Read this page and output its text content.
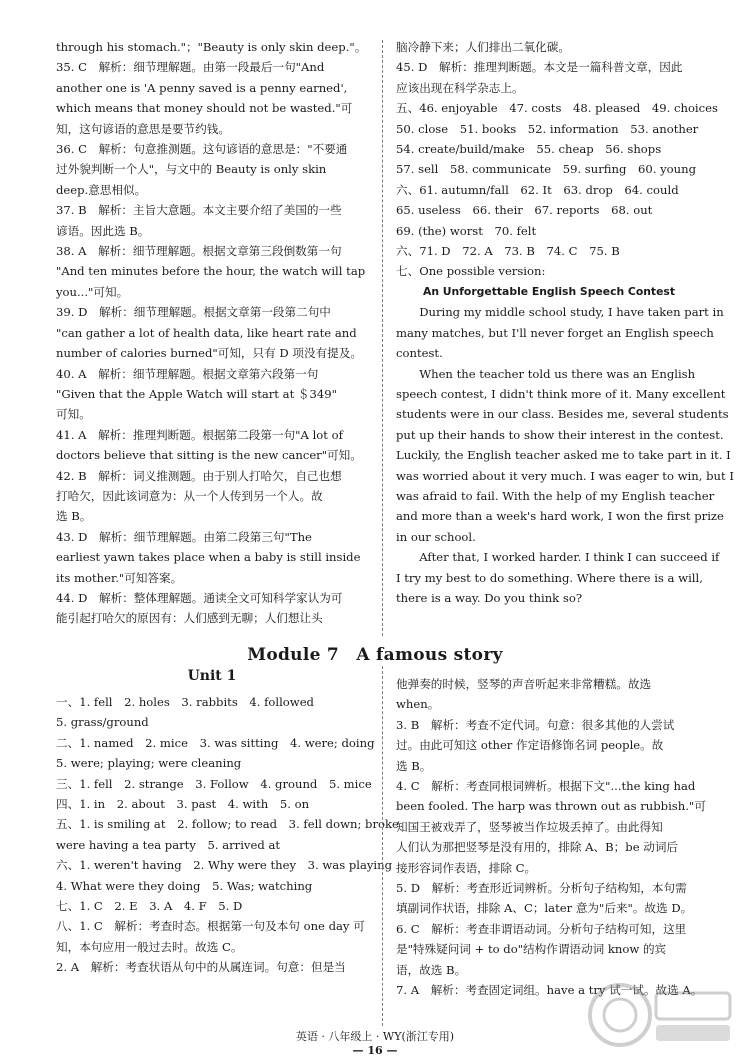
through his stomach."；"Beauty is only skin deep."。
35. C　解析：细节理解题。由第一段最后一句"And
another one is 'A penny saved is a penny earned',
which means that money should not be wasted."可
知，这句谚语的意思是要节约钱。
36. C　解析：句意推测题。这句谚语的意思是："不要通
过外貌判断一个人"，与文中的 Beauty is only skin
deep.意思相似。
37. B　解析：主旨大意题。本文主要介绍了美国的一些
谚语。因此选 B。
38. A　解析：细节理解题。根据文章第三段倒数第一句
"And ten minutes before the hour, the watch will tap
you..."可知。
39. D　解析：细节理解题。根据文章第一段第二句中
"can gather a lot of health data, like heart rate and
number of calories burned"可知，只有 D 项没有提及。
40. A　解析：细节理解题。根据文章第六段第一句
"Given that the Apple Watch will start at ＄349"
可知。
41. A　解析：推理判断题。根据第二段第一句"A lot of
doctors believe that sitting is the new cancer"可知。
42. B　解析：词义推测题。由于别人打哈欠，自己也想
打哈欠，因此该词意为：从一个人传到另一个人。故
选 B。
43. D　解析：细节理解题。由第二段第三句"The
earliest yawn takes place when a baby is still inside
its mother."可知答案。
44. D　解析：整体理解题。通读全文可知科学家认为可
能引起打哈欠的原因有：人们感到无聊；人们想让头
脑冷静下来；人们排出二氧化碳。
45. D　解析：推理判断题。本文是一篇科普文章，因此
应该出现在科学杂志上。
五、46. enjoyable　47. costs　48. pleased　49. choices
50. close　51. books　52. information　53. another
54. create/build/make　55. cheap　56. shops
57. sell　58. communicate　59. surfing　60. young
六、61. autumn/fall　62. It　63. drop　64. could
65. useless　66. their　67. reports　68. out
69. (the) worst　70. felt
六、71. D　72. A　73. B　74. C　75. B
七、One possible version:
An Unforgettable English Speech Contest
During my middle school study, I have taken part in
many matches, but I'll never forget an English speech
contest.
When the teacher told us there was an English
speech contest, I didn't think more of it. Many excellent
students were in our class. Besides me, several students
put up their hands to show their interest in the contest.
Luckily, the English teacher asked me to take part in it. I
was worried about it very much. I was eager to win, but I
was afraid to fail. With the help of my English teacher
and more than a week's hard work, I won the first prize
in our school.
After that, I worked harder. I think I can succeed if
I try my best to do something. Where there is a will,
there is a way. Do you think so?
Module 7　A famous story
Unit 1
一、1. fell　2. holes　3. rabbits　4. followed
5. grass/ground
二、1. named　2. mice　3. was sitting　4. were; doing
5. were; playing; were cleaning
三、1. fell　2. strange　3. Follow　4. ground　5. mice
四、1. in　2. about　3. past　4. with　5. on
五、1. is smiling at　2. follow; to read　3. fell down; broke
were having a tea party　5. arrived at
六、1. weren't having　2. Why were they　3. was playing
4. What were they doing　5. Was; watching
七、1. C　2. E　3. A　4. F　5. D
八、1. C　解析：考查时态。根据第一句及本句 one day 可
知，本句应用一般过去时。故选 C。
2. A　解析：考查状语从句中的从属连词。句意：但是当
他弹奏的时候，竖琴的声音听起来非常糟糕。故选
when。
3. B　解析：考查不定代词。句意：很多其他的人尝试
过。由此可知这 other 作定语修饰名词 people。故
选 B。
4. C　解析：考查同根词辨析。根据下文"...the king had
been fooled. The harp was thrown out as rubbish."可
知国王被戏弄了，竖琴被当作垃圾丢掉了。由此得知
人们认为那把竖琴是没有用的，排除 A、B；be 动词后
接形容词作表语，排除 C。
5. D　解析：考查形近词辨析。分析句子结构知，本句需
填副词作状语，排除 A、C；later 意为"后来"。故选 D。
6. C　解析：考查非谓语动词。分析句子结构可知，这里
是"特殊疑问词 + to do"结构作谓语动词 know 的宾
语，故选 B。
7. A　解析：考查固定词组。have a try 试一试。故选 A。
英语 · 八年级上 · WY(浙江专用)
— 16 —
